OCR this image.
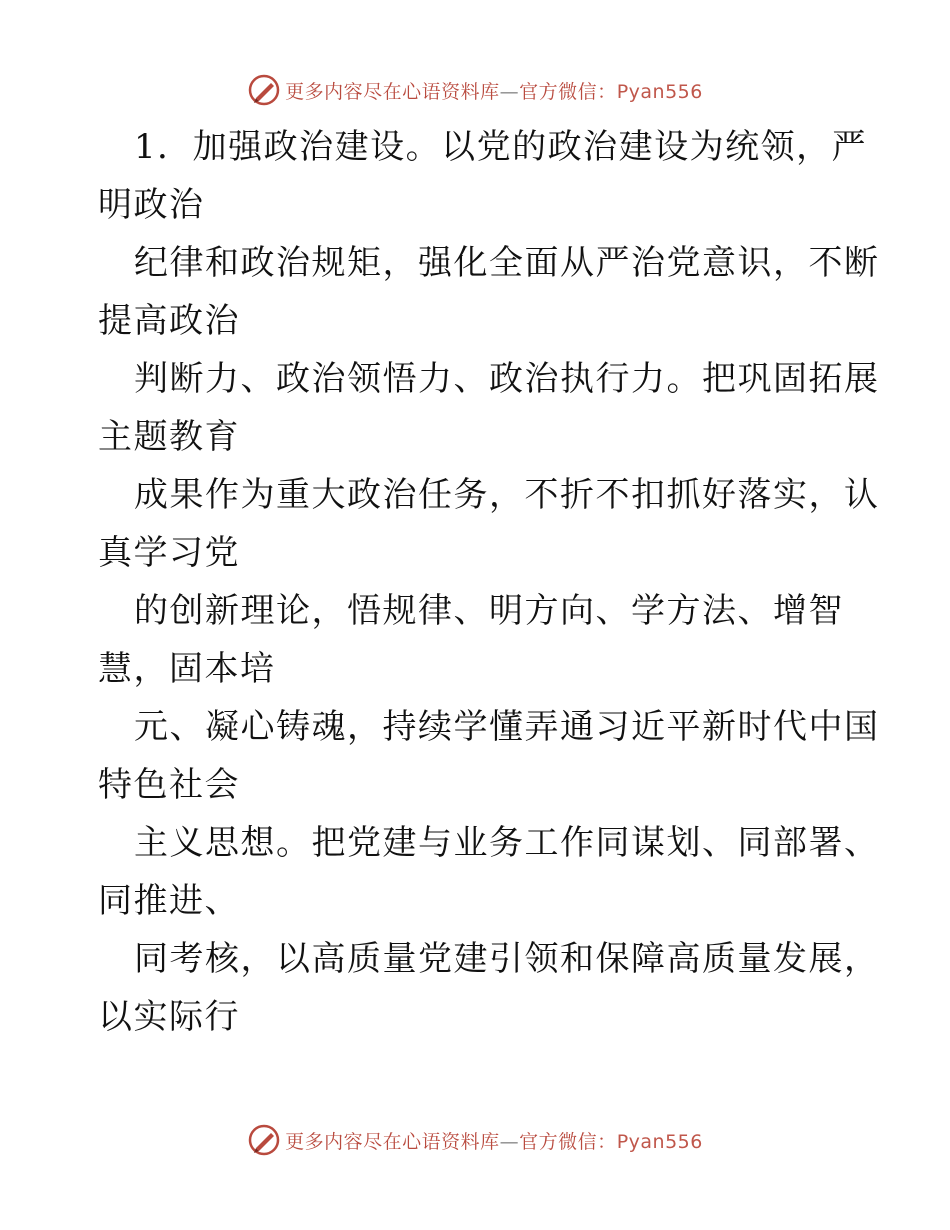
更多内容尽在心语资料库—官方微信：Pyan556

1．加强政治建设。以党的政治建设为统领，严

明政治

纪律和政治规矩，强化全面从严治党意识，不断

提高政治

判断力、政治领悟力、政治执行力。把巩固拓展

主题教育

成果作为重大政治任务，不折不扣抓好落实，认

真学习党

的创新理论，悟规律、明方向、学方法、增智

慧，固本培

元、凝心铸魂，持续学懂弄通习近平新时代中国

特色社会

主义思想。把党建与业务工作同谋划、同部署、

同推进、

同考核，以高质量党建引领和保障高质量发展，

以实际行

更多内容尽在心语资料库—官方微信：Pyan556
